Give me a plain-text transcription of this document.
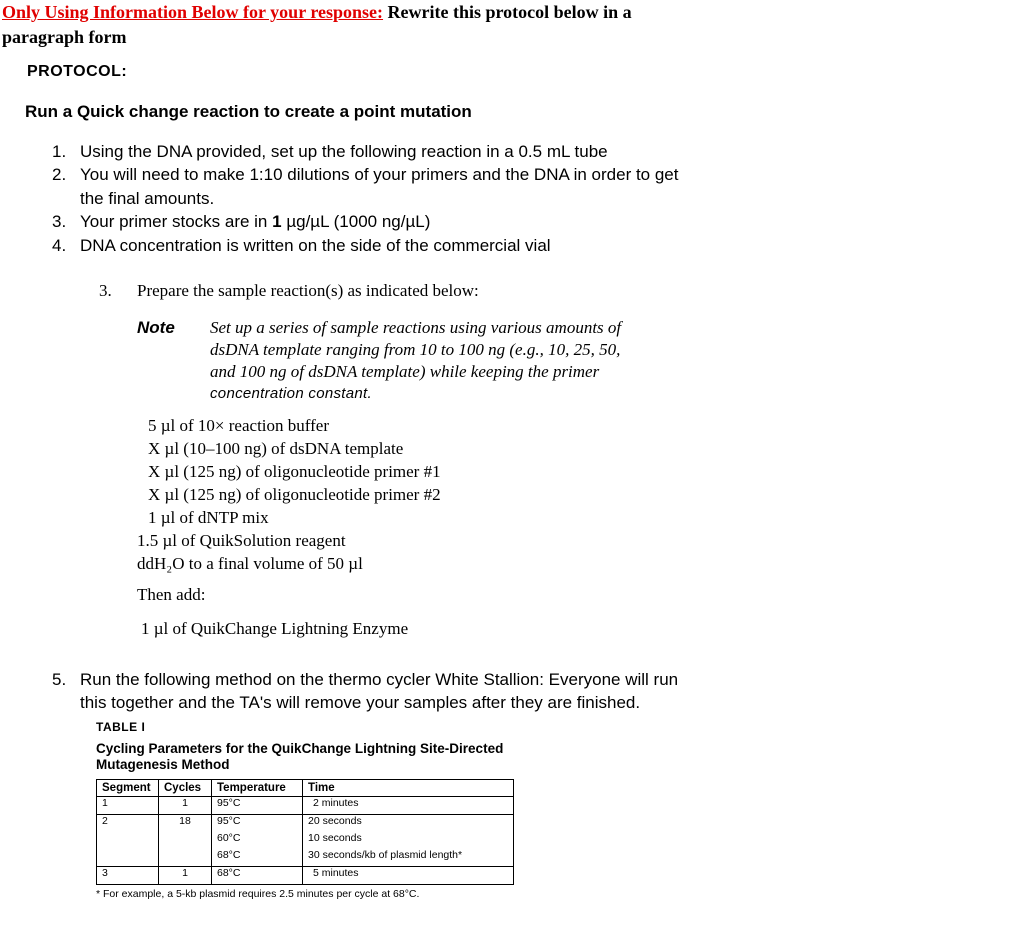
Only Using Information Below for your response: Rewrite this protocol below in a
paragraph form
PROTOCOL:
Run a Quick change reaction to create a point mutation
1. Using the DNA provided, set up the following reaction in a 0.5 mL tube
2. You will need to make 1:10 dilutions of your primers and the DNA in order to get
the final amounts.
3. Your primer stocks are in 1 µg/µL (1000 ng/µL)
4. DNA concentration is written on the side of the commercial vial
3. Prepare the sample reaction(s) as indicated below:
Note Set up a series of sample reactions using various amounts of
dsDNA template ranging from 10 to 100 ng (e.g., 10, 25, 50,
and 100 ng of dsDNA template) while keeping the primer
concentration constant.
5 µl of 10× reaction buffer
X µl (10–100 ng) of dsDNA template
X µl (125 ng) of oligonucleotide primer #1
X µl (125 ng) of oligonucleotide primer #2
1 µl of dNTP mix
1.5 µl of QuikSolution reagent
ddH₂O to a final volume of 50 µl
Then add:
1 µl of QuikChange Lightning Enzyme
5. Run the following method on the thermo cycler White Stallion: Everyone will run
this together and the TA's will remove your samples after they are finished.
TABLE I
Cycling Parameters for the QuikChange Lightning Site-Directed
Mutagenesis Method
Segment	Cycles	Temperature	Time
1	1	95°C	2 minutes
2	18	95°C	20 seconds
		60°C	10 seconds
		68°C	30 seconds/kb of plasmid length*
3	1	68°C	5 minutes
* For example, a 5-kb plasmid requires 2.5 minutes per cycle at 68°C.
